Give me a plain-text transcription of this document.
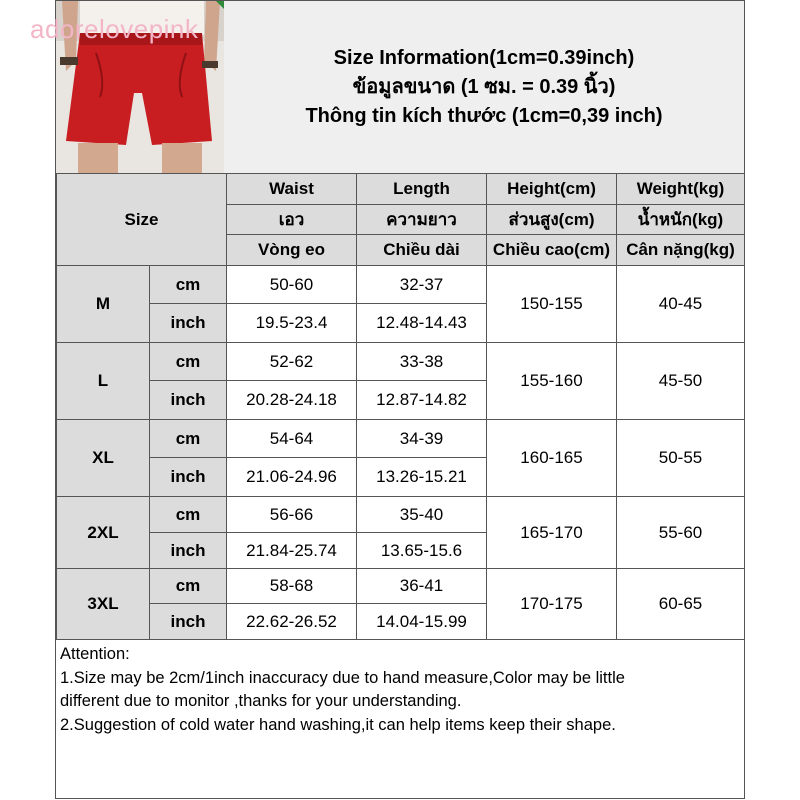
adorelovepink
Size Information(1cm=0.39inch)
ข้อมูลขนาด (1 ซม. = 0.39 นิ้ว)
Thông tin kích thước (1cm=0,39 inch)
Size		Waist	Length	Height(cm)	Weight(kg)
		เอว	ความยาว	ส่วนสูง(cm)	น้ำหนัก(kg)
		Vòng eo	Chiều dài	Chiều cao(cm)	Cân nặng(kg)
M	cm	50-60	32-37	150-155	40-45
	inch	19.5-23.4	12.48-14.43		
L	cm	52-62	33-38	155-160	45-50
	inch	20.28-24.18	12.87-14.82		
XL	cm	54-64	34-39	160-165	50-55
	inch	21.06-24.96	13.26-15.21		
2XL	cm	56-66	35-40	165-170	55-60
	inch	21.84-25.74	13.65-15.6		
3XL	cm	58-68	36-41	170-175	60-65
	inch	22.62-26.52	14.04-15.99		
Attention:
1.Size may be 2cm/1inch inaccuracy due to hand measure,Color may be little
different due to monitor ,thanks for your understanding.
2.Suggestion of cold water hand washing,it can help items keep their shape.
